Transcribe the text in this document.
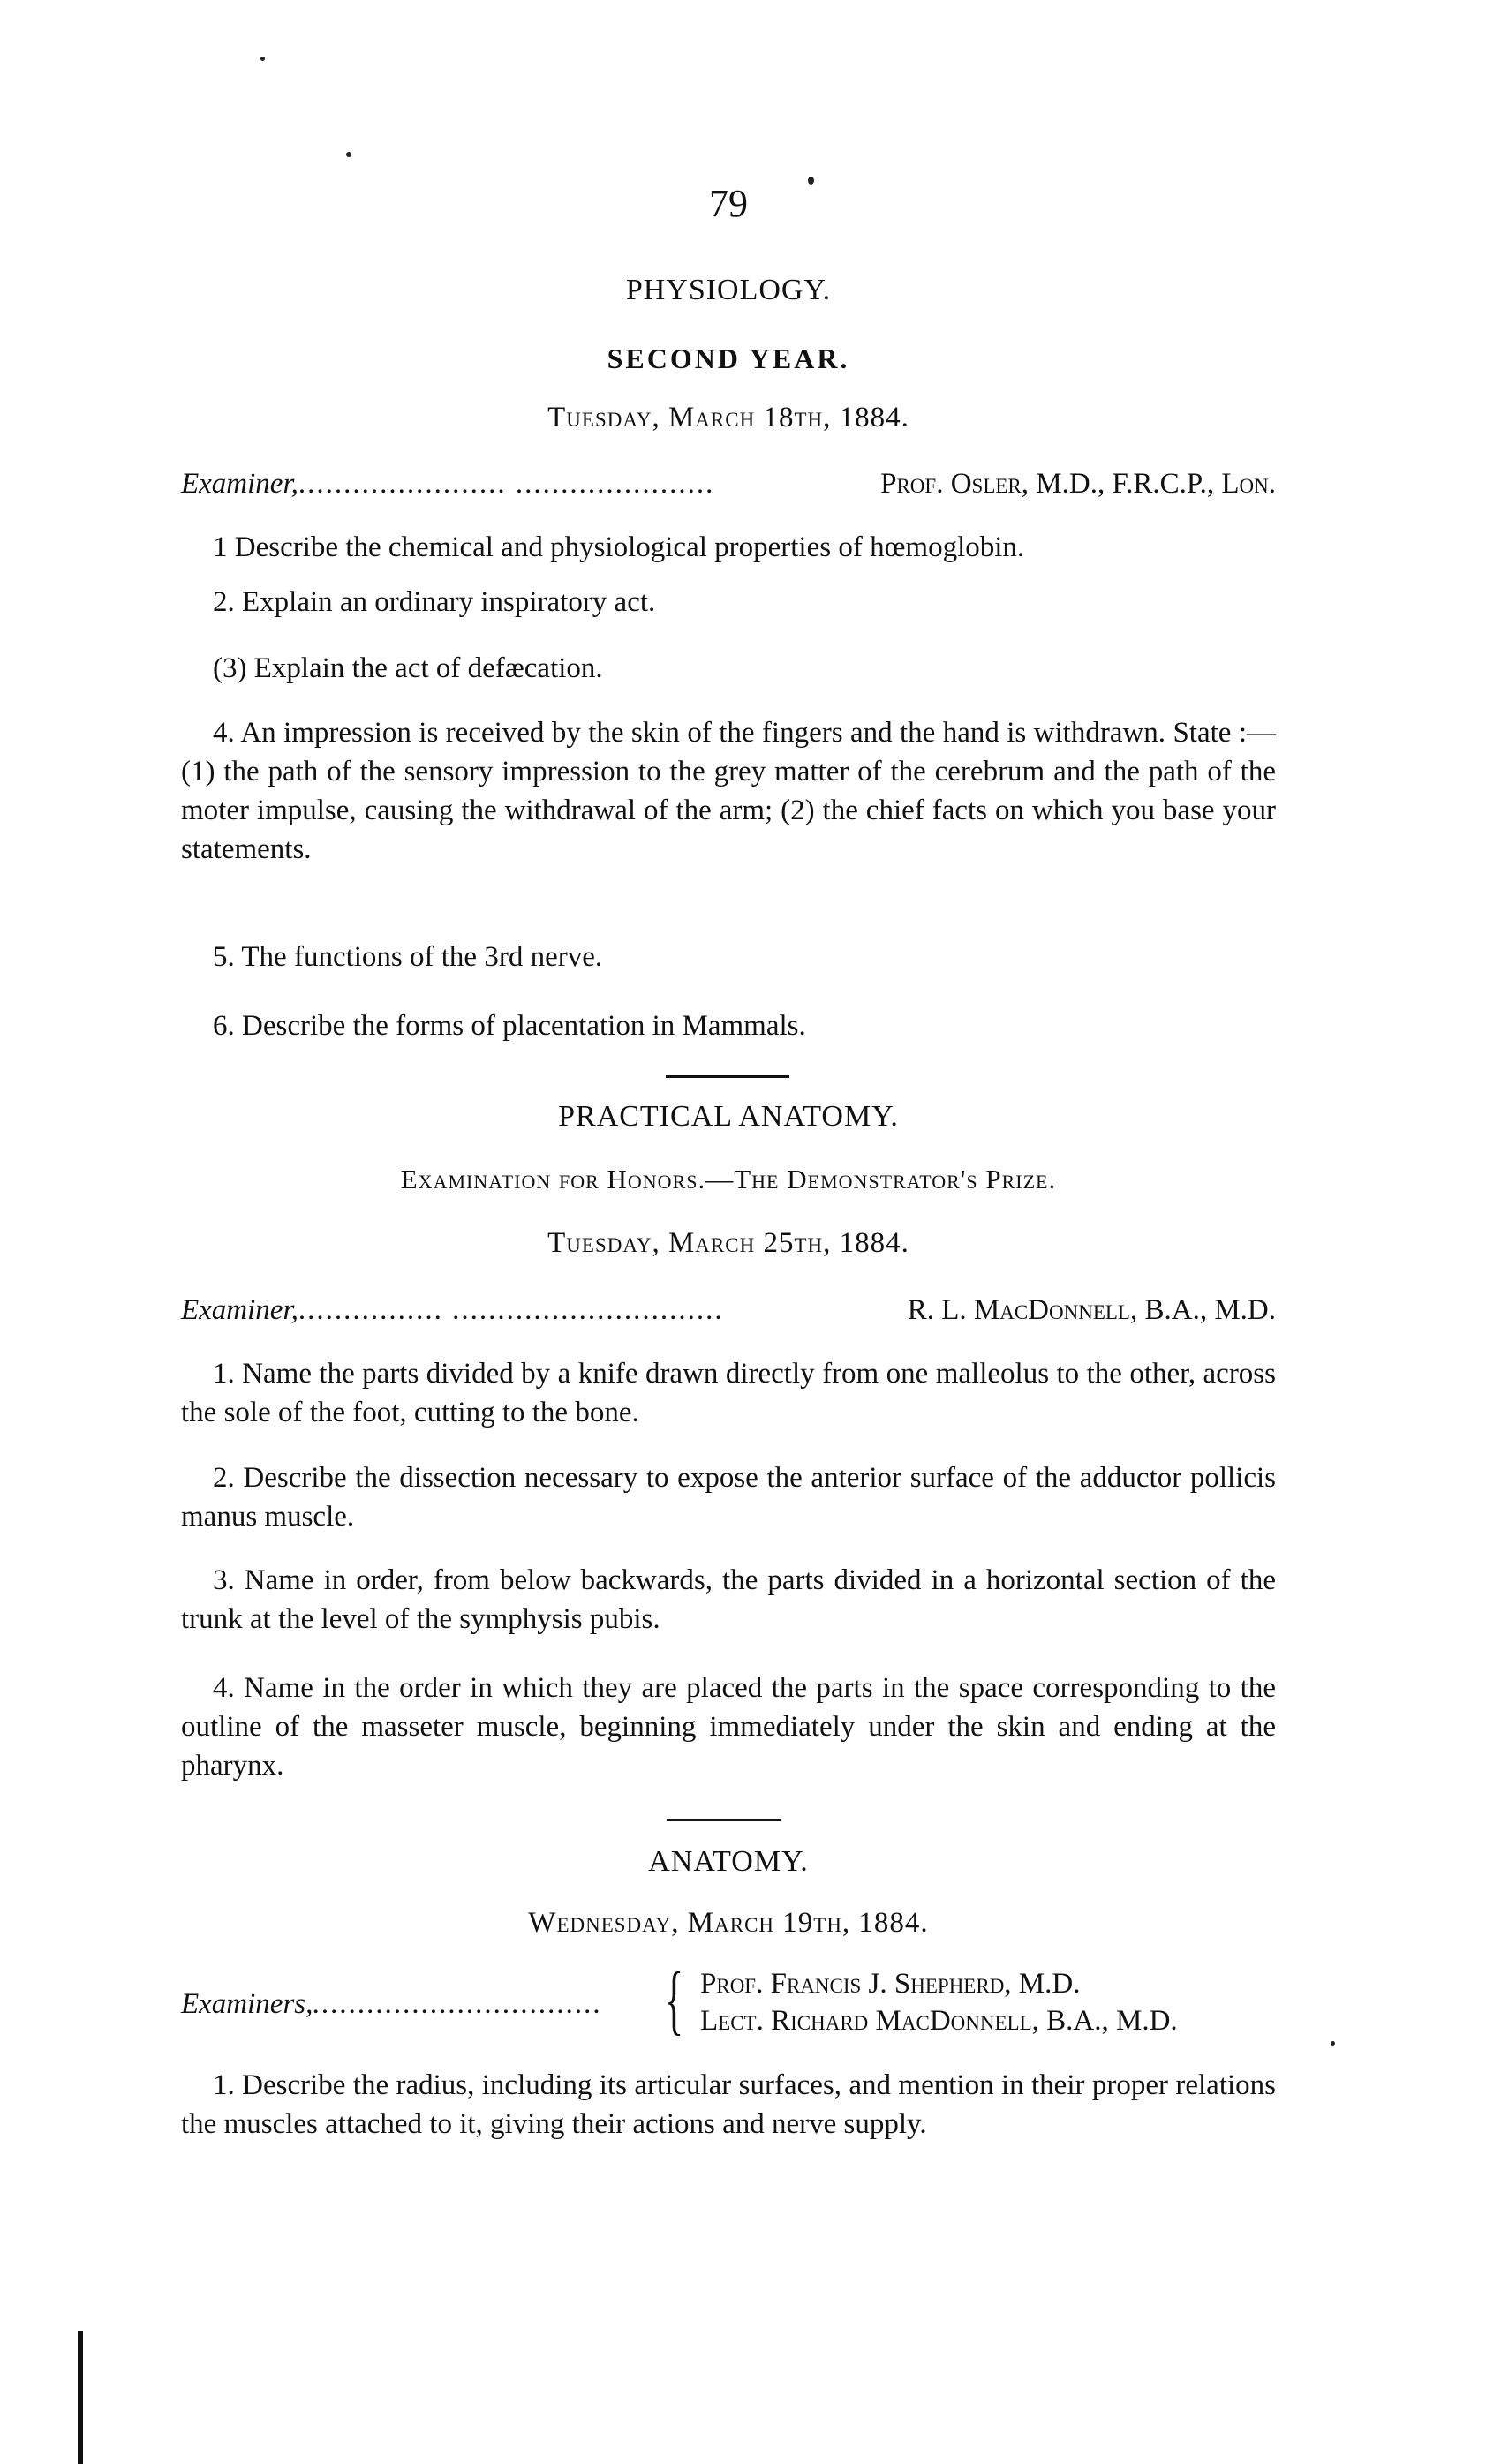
79
PHYSIOLOGY.
SECOND YEAR.
Tuesday, March 18th, 1884.
Examiner,....................... ......................	Prof. Osler, M.D., F.R.C.P., Lon.
1 Describe the chemical and physiological properties of hœmoglobin.
2. Explain an ordinary inspiratory act.
(3) Explain the act of defæcation.
4. An impression is received by the skin of the fingers and the hand is withdrawn. State :—(1) the path of the sensory impression to the grey matter of the cerebrum and the path of the moter impulse, causing the withdrawal of the arm; (2) the chief facts on which you base your statements.
5. The functions of the 3rd nerve.
6. Describe the forms of placentation in Mammals.
PRACTICAL ANATOMY.
Examination for Honors.—The Demonstrator's Prize.
Tuesday, March 25th, 1884.
Examiner,................ ..............................	R. L. MacDonnell, B.A., M.D.
1. Name the parts divided by a knife drawn directly from one malleolus to the other, across the sole of the foot, cutting to the bone.
2. Describe the dissection necessary to expose the anterior surface of the adductor pollicis manus muscle.
3. Name in order, from below backwards, the parts divided in a horizontal section of the trunk at the level of the symphysis pubis.
4. Name in the order in which they are placed the parts in the space corresponding to the outline of the masseter muscle, beginning immediately under the skin and ending at the pharynx.
ANATOMY.
Wednesday, March 19th, 1884.
Examiners,................................ { Prof. Francis J. Shepherd, M.D.
Lect. Richard MacDonnell, B.A., M.D.
1. Describe the radius, including its articular surfaces, and mention in their proper relations the muscles attached to it, giving their actions and nerve supply.
